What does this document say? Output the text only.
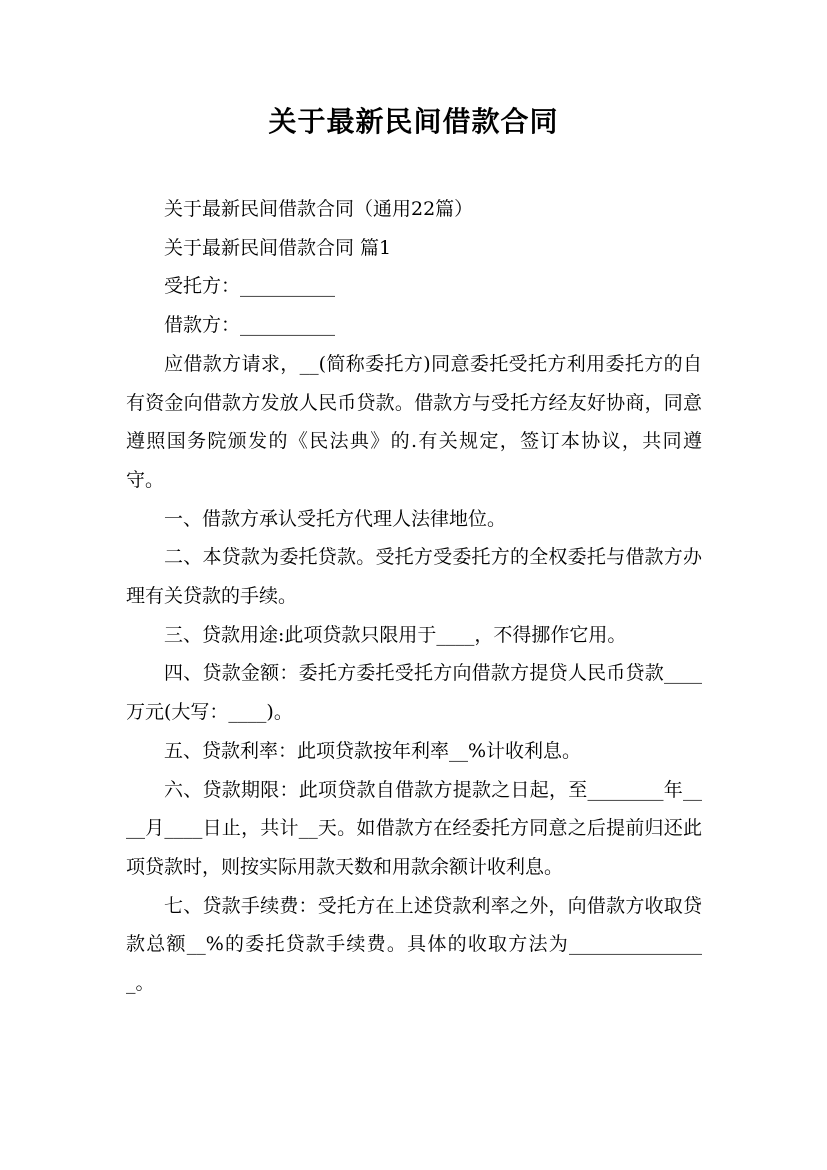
关于最新民间借款合同

关于最新民间借款合同（通用22篇）

关于最新民间借款合同 篇1

受托方：__________

借款方：__________

应借款方请求，__(简称委托方)同意委托受托方利用委托方的自有资金向借款方发放人民币贷款。借款方与受托方经友好协商，同意遵照国务院颁发的《民法典》的.有关规定，签订本协议，共同遵守。

一、借款方承认受托方代理人法律地位。

二、本贷款为委托贷款。受托方受委托方的全权委托与借款方办理有关贷款的手续。

三、贷款用途:此项贷款只限用于____，不得挪作它用。

四、贷款金额：委托方委托受托方向借款方提贷人民币贷款____万元(大写：____)。

五、贷款利率：此项贷款按年利率__%计收利息。

六、贷款期限：此项贷款自借款方提款之日起，至________年____月____日止，共计__天。如借款方在经委托方同意之后提前归还此项贷款时，则按实际用款天数和用款余额计收利息。

七、贷款手续费：受托方在上述贷款利率之外，向借款方收取贷款总额__%的委托贷款手续费。具体的收取方法为_______________。
